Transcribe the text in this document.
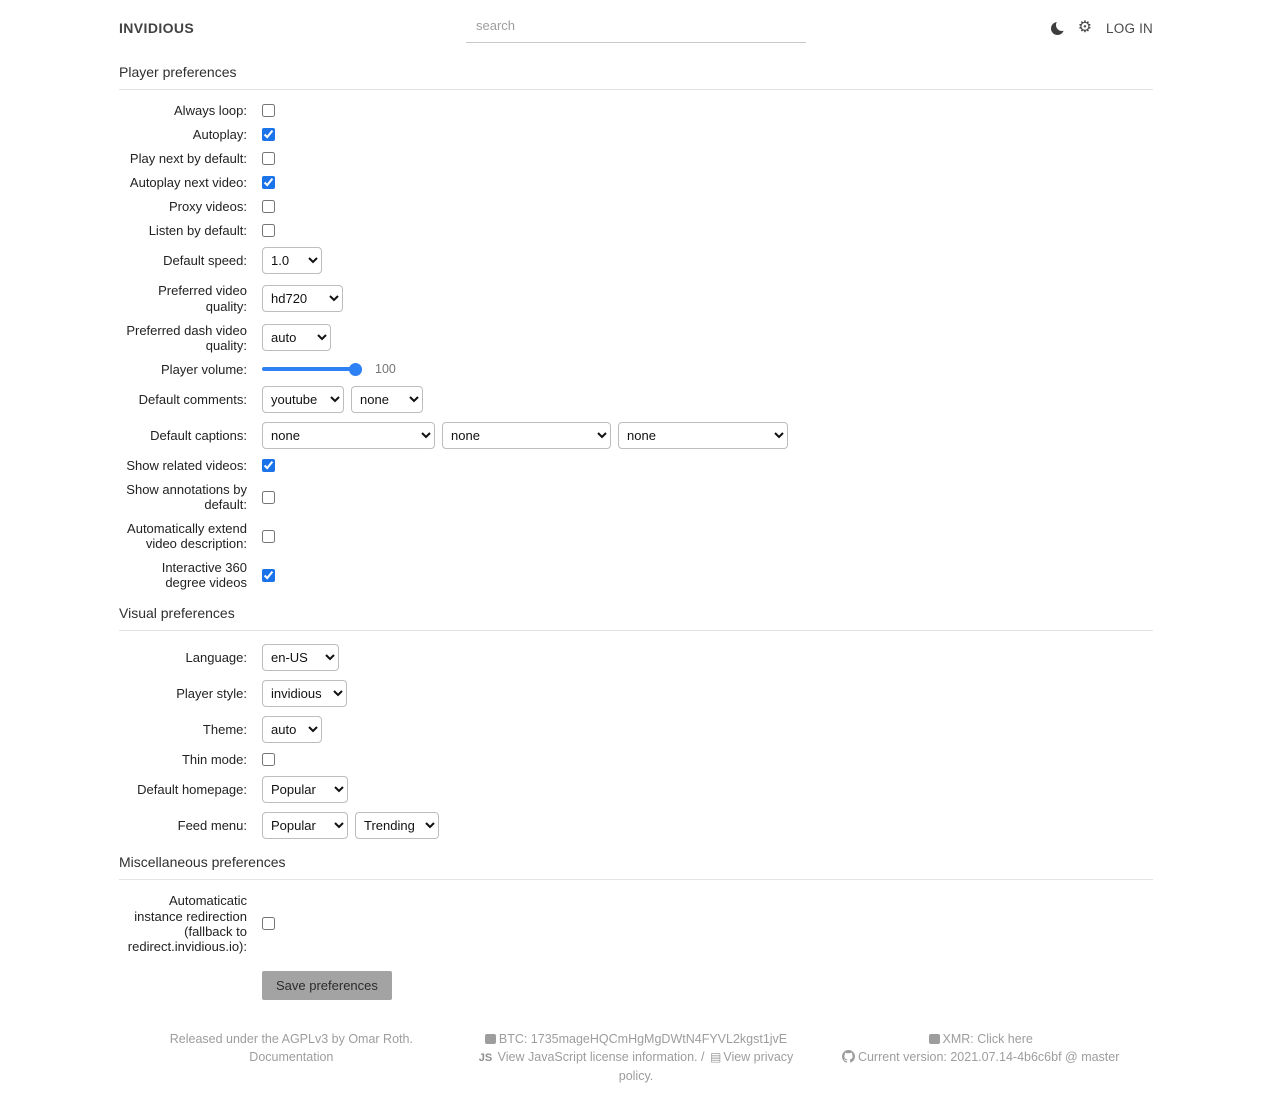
INVIDIOUS
search	⚙ LOG IN
Player preferences
Always loop:
Autoplay:
Play next by default:
Autoplay next video:
Proxy videos:
Listen by default:
Default speed:
1.0
Preferred video quality:
hd720
Preferred dash video quality:
auto
Player volume:	100
Default comments:
youtube
none
Default captions:
none
none
none
Show related videos:
Show annotations by default:
Automatically extend video description:
Interactive 360 degree videos
Visual preferences
Language:
en-US
Player style:
invidious
Theme:
auto
Thin mode:
Default homepage:
Popular
Feed menu:
Popular
Trending
Miscellaneous preferences
Automaticatic instance redirection (fallback to redirect.invidious.io):
Save preferences
Released under the AGPLv3 by Omar Roth.
Documentation
BTC: 1735mageHQCmHgMgDWtN4FYVL2kgst1jvE
JS View JavaScript license information. / ▤ View privacy policy.
XMR: Click here
Current version: 2021.07.14-4b6c6bf @ master
